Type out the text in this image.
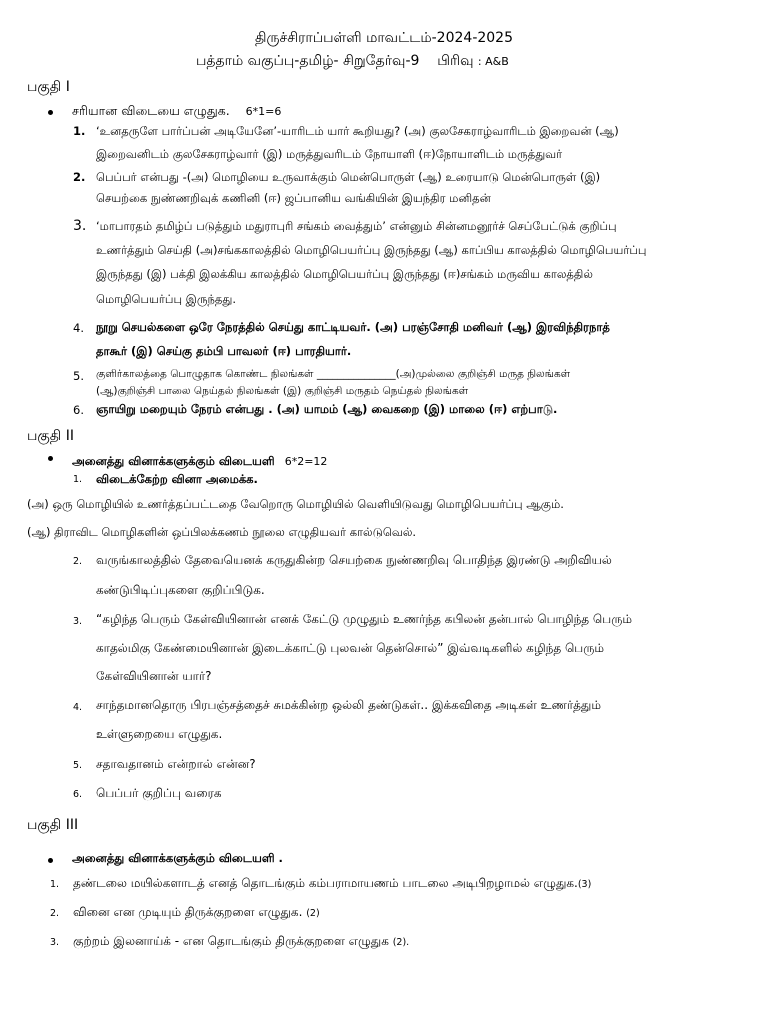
திருச்சிராப்பள்ளி மாவட்டம்-2024-2025
பத்தாம் வகுப்பு-தமிழ்- சிறுதேர்வு-9 பிரிவு : A&B
பகுதி I
சரியான விடையை எழுதுக. 6*1=6
1. ‘உனதருளே பார்ப்பன் அடியேனே’-யாரிடம் யார் கூறியது? (அ) குலசேகராழ்வாரிடம் இறைவன் (ஆ)
இறைவனிடம் குலசேகராழ்வார் (இ) மருத்துவரிடம் நோயாளி (ஈ)நோயாளிடம் மருத்துவர்
2. பெப்பர் என்பது -(அ) மொழியை உருவாக்கும் மென்பொருள் (ஆ) உரையாடு மென்பொருள் (இ)
செயற்கை நுண்ணறிவுக் கணினி (ஈ) ஜப்பானிய வங்கியின் இயந்திர மனிதன்
3. ‘மாபாரதம் தமிழ்ப் படுத்தும் மதுராபுரி சங்கம் வைத்தும்’ என்னும் சின்னமனூர்ச் செப்பேட்டுக் குறிப்பு
உணர்த்தும் செய்தி (அ)சங்ககாலத்தில் மொழிபெயர்ப்பு இருந்தது (ஆ) காப்பிய காலத்தில் மொழிபெயர்ப்பு
இருந்தது (இ) பக்தி இலக்கிய காலத்தில் மொழிபெயர்ப்பு இருந்தது (ஈ)சங்கம் மருவிய காலத்தில்
மொழிபெயர்ப்பு இருந்தது.
4. நூறு செயல்களை ஒரே நேரத்தில் செய்து காட்டியவர். (அ) பரஞ்சோதி மனிவர் (ஆ) இரவிந்திரநாத்
தாகூர் (இ) செய்கு தம்பி பாவலர் (ஈ) பாரதியார்.
5. குளிர்காலத்தை பொழுதாக கொண்ட நிலங்கள் _______________(அ)முல்லை குறிஞ்சி மருத நிலங்கள்
(ஆ)குறிஞ்சி பாலை நெய்தல் நிலங்கள் (இ) குறிஞ்சி மருதம் நெய்தல் நிலங்கள்
6. ஞாயிறு மறையும் நேரம் என்பது . (அ) யாமம் (ஆ) வைகறை (இ) மாலை (ஈ) எற்பாடு.
பகுதி II
அனைத்து வினாக்களுக்கும் விடையளி 6*2=12
1. விடைக்கேற்ற வினா அமைக்க.
(அ) ஒரு மொழியில் உணர்த்தப்பட்டதை வேறொரு மொழியில் வெளியிடுவது மொழிபெயர்ப்பு ஆகும்.
(ஆ) திராவிட மொழிகளின் ஒப்பிலக்கணம் நூலை எழுதியவர் கால்டுவெல்.
2. வருங்காலத்தில் தேவையெனக் கருதுகின்ற செயற்கை நுண்ணறிவு பொதிந்த இரண்டு அறிவியல்
கண்டுபிடிப்புகளை குறிப்பிடுக.
3. “கழிந்த பெரும் கேள்வியினான் எனக் கேட்டு முழுதும் உணர்ந்த கபிலன் தன்பால் பொழிந்த பெரும்
காதல்மிகு கேண்மையினான் இடைக்காட்டு புலவன் தென்சொல்” இவ்வடிகளில் கழிந்த பெரும்
கேள்வியினான் யார்?
4. சாந்தமானதொரு பிரபஞ்சத்தைச் சுமக்கின்ற ஒல்லி தண்டுகள்.. இக்கவிதை அடிகள் உணர்த்தும்
உள்ளுறையை எழுதுக.
5. சதாவதானம் என்றால் என்ன?
6. பெப்பர் குறிப்பு வரைக
பகுதி III
அனைத்து வினாக்களுக்கும் விடையளி .
1. தண்டலை மயில்களாடத் எனத் தொடங்கும் கம்பராமாயணம் பாடலை அடிபிறழாமல் எழுதுக.(3)
2. வினை என முடியும் திருக்குறளை எழுதுக. (2)
3. குற்றம் இலனாய்க் - என தொடங்கும் திருக்குறளை எழுதுக (2).
